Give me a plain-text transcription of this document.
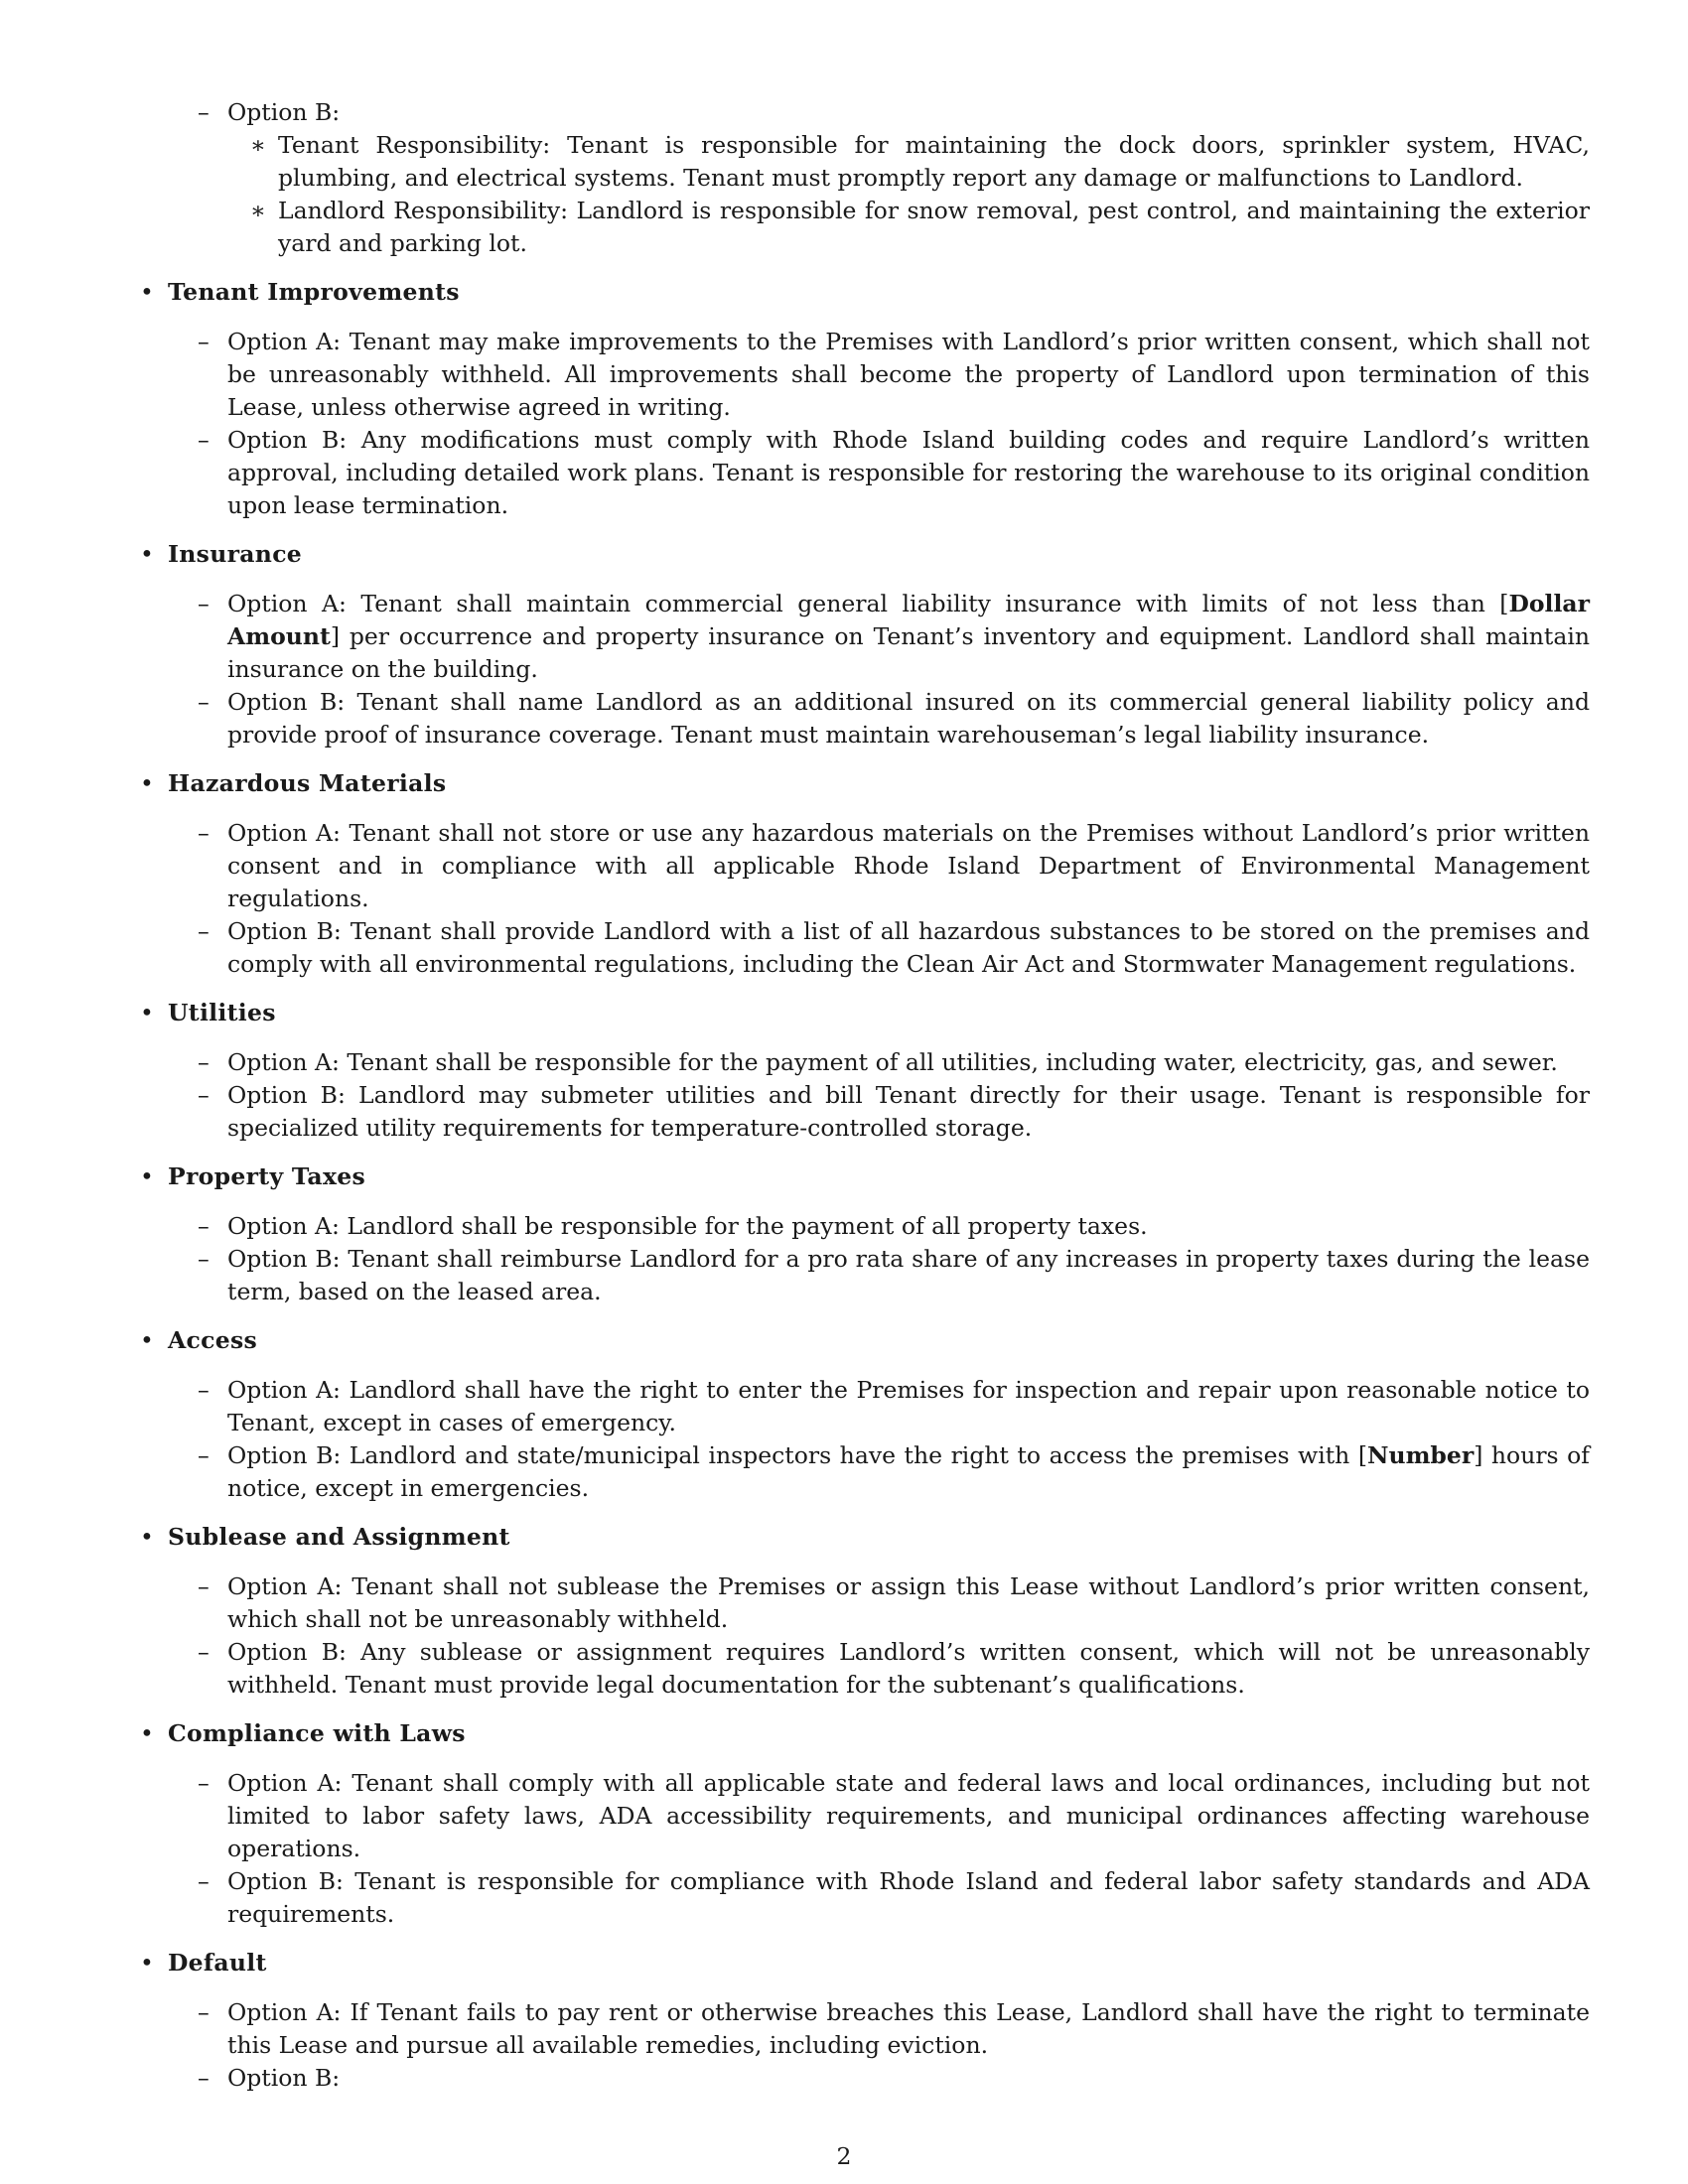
– Option B:
∗ Tenant Responsibility: Tenant is responsible for maintaining the dock doors, sprinkler system, HVAC, plumbing, and electrical systems. Tenant must promptly report any damage or malfunctions to Landlord.
∗ Landlord Responsibility: Landlord is responsible for snow removal, pest control, and maintaining the exterior yard and parking lot.
• Tenant Improvements
– Option A: Tenant may make improvements to the Premises with Landlord’s prior written consent, which shall not be unreasonably withheld. All improvements shall become the property of Landlord upon termination of this Lease, unless otherwise agreed in writing.
– Option B: Any modifications must comply with Rhode Island building codes and require Landlord’s written approval, including detailed work plans. Tenant is responsible for restoring the warehouse to its original condition upon lease termination.
• Insurance
– Option A: Tenant shall maintain commercial general liability insurance with limits of not less than [Dollar Amount] per occurrence and property insurance on Tenant’s inventory and equipment. Landlord shall maintain insurance on the building.
– Option B: Tenant shall name Landlord as an additional insured on its commercial general liability policy and provide proof of insurance coverage. Tenant must maintain warehouseman’s legal liability insurance.
• Hazardous Materials
– Option A: Tenant shall not store or use any hazardous materials on the Premises without Landlord’s prior written consent and in compliance with all applicable Rhode Island Department of Environmental Management regulations.
– Option B: Tenant shall provide Landlord with a list of all hazardous substances to be stored on the premises and comply with all environmental regulations, including the Clean Air Act and Stormwater Management regulations.
• Utilities
– Option A: Tenant shall be responsible for the payment of all utilities, including water, electricity, gas, and sewer.
– Option B: Landlord may submeter utilities and bill Tenant directly for their usage. Tenant is responsible for specialized utility requirements for temperature-controlled storage.
• Property Taxes
– Option A: Landlord shall be responsible for the payment of all property taxes.
– Option B: Tenant shall reimburse Landlord for a pro rata share of any increases in property taxes during the lease term, based on the leased area.
• Access
– Option A: Landlord shall have the right to enter the Premises for inspection and repair upon reasonable notice to Tenant, except in cases of emergency.
– Option B: Landlord and state/municipal inspectors have the right to access the premises with [Number] hours of notice, except in emergencies.
• Sublease and Assignment
– Option A: Tenant shall not sublease the Premises or assign this Lease without Landlord’s prior written consent, which shall not be unreasonably withheld.
– Option B: Any sublease or assignment requires Landlord’s written consent, which will not be unreasonably withheld. Tenant must provide legal documentation for the subtenant’s qualifications.
• Compliance with Laws
– Option A: Tenant shall comply with all applicable state and federal laws and local ordinances, including but not limited to labor safety laws, ADA accessibility requirements, and municipal ordinances affecting warehouse operations.
– Option B: Tenant is responsible for compliance with Rhode Island and federal labor safety standards and ADA requirements.
• Default
– Option A: If Tenant fails to pay rent or otherwise breaches this Lease, Landlord shall have the right to terminate this Lease and pursue all available remedies, including eviction.
– Option B:
2
